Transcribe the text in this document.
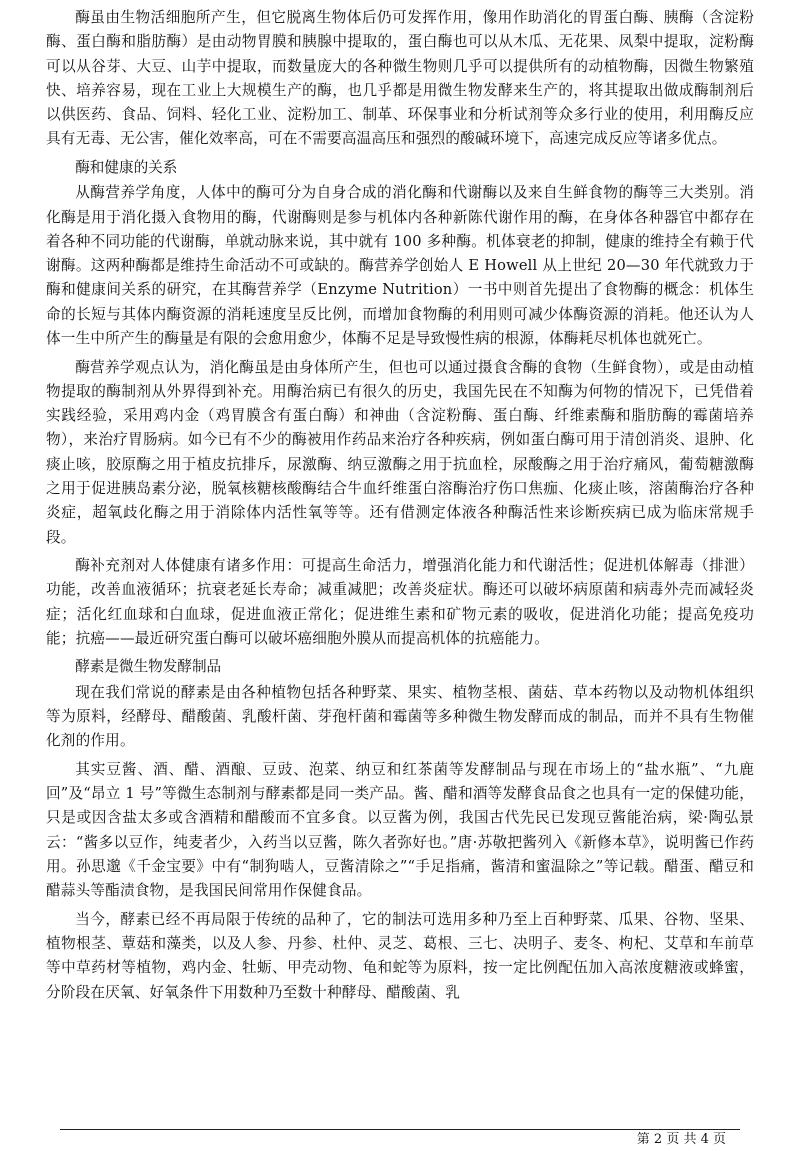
酶虽由生物活细胞所产生，但它脱离生物体后仍可发挥作用，像用作助消化的胃蛋白酶、胰酶（含淀粉酶、蛋白酶和脂肪酶）是由动物胃膜和胰腺中提取的，蛋白酶也可以从木瓜、无花果、凤梨中提取，淀粉酶可以从谷芽、大豆、山芋中提取，而数量庞大的各种微生物则几乎可以提供所有的动植物酶，因微生物繁殖快、培养容易，现在工业上大规模生产的酶，也几乎都是用微生物发酵来生产的，将其提取出做成酶制剂后以供医药、食品、饲料、轻化工业、淀粉加工、制革、环保事业和分析试剂等众多行业的使用，利用酶反应具有无毒、无公害，催化效率高，可在不需要高温高压和强烈的酸碱环境下，高速完成反应等诸多优点。

酶和健康的关系

从酶营养学角度，人体中的酶可分为自身合成的消化酶和代谢酶以及来自生鲜食物的酶等三大类别。消化酶是用于消化摄入食物用的酶，代谢酶则是参与机体内各种新陈代谢作用的酶，在身体各种器官中都存在着各种不同功能的代谢酶，单就动脉来说，其中就有 100 多种酶。机体衰老的抑制，健康的维持全有赖于代谢酶。这两种酶都是维持生命活动不可或缺的。酶营养学创始人 E Howell 从上世纪 20—30 年代就致力于酶和健康间关系的研究，在其酶营养学（Enzyme Nutrition）一书中则首先提出了食物酶的概念：机体生命的长短与其体内酶资源的消耗速度呈反比例，而增加食物酶的利用则可减少体酶资源的消耗。他还认为人体一生中所产生的酶量是有限的会愈用愈少，体酶不足是导致慢性病的根源，体酶耗尽机体也就死亡。

酶营养学观点认为，消化酶虽是由身体所产生，但也可以通过摄食含酶的食物（生鲜食物），或是由动植物提取的酶制剂从外界得到补充。用酶治病已有很久的历史，我国先民在不知酶为何物的情况下，已凭借着实践经验，采用鸡内金（鸡胃膜含有蛋白酶）和神曲（含淀粉酶、蛋白酶、纤维素酶和脂肪酶的霉菌培养物），来治疗胃肠病。如今已有不少的酶被用作药品来治疗各种疾病，例如蛋白酶可用于清创消炎、退肿、化痰止咳，胶原酶之用于植皮抗排斥，尿激酶、纳豆激酶之用于抗血栓，尿酸酶之用于治疗痛风，葡萄糖激酶之用于促进胰岛素分泌，脱氧核糖核酸酶结合牛血纤维蛋白溶酶治疗伤口焦痂、化痰止咳，溶菌酶治疗各种炎症，超氧歧化酶之用于消除体内活性氧等等。还有借测定体液各种酶活性来诊断疾病已成为临床常规手段。

酶补充剂对人体健康有诸多作用：可提高生命活力，增强消化能力和代谢活性；促进机体解毒（排泄）功能，改善血液循环；抗衰老延长寿命；减重减肥；改善炎症状。酶还可以破坏病原菌和病毒外壳而减轻炎症；活化红血球和白血球，促进血液正常化；促进维生素和矿物元素的吸收，促进消化功能；提高免疫功能；抗癌——最近研究蛋白酶可以破坏癌细胞外膜从而提高机体的抗癌能力。

酵素是微生物发酵制品

现在我们常说的酵素是由各种植物包括各种野菜、果实、植物茎根、菌菇、草本药物以及动物机体组织等为原料，经酵母、醋酸菌、乳酸杆菌、芽孢杆菌和霉菌等多种微生物发酵而成的制品，而并不具有生物催化剂的作用。

其实豆酱、酒、醋、酒酿、豆豉、泡菜、纳豆和红茶菌等发酵制品与现在市场上的“盐水瓶”、“九鹿回”及“昂立 1 号”等微生态制剂与酵素都是同一类产品。酱、醋和酒等发酵食品食之也具有一定的保健功能，只是或因含盐太多或含酒精和醋酸而不宜多食。以豆酱为例，我国古代先民已发现豆酱能治病，梁·陶弘景云：“酱多以豆作，纯麦者少，入药当以豆酱，陈久者弥好也。”唐·苏敬把酱列入《新修本草》，说明酱已作药用。孙思邈《千金宝要》中有“制狗啮人，豆酱清除之”“手足指痛，酱清和蜜温除之”等记载。醋蛋、醋豆和醋蒜头等酯渍食物，是我国民间常用作保健食品。

当今，酵素已经不再局限于传统的品种了，它的制法可选用多种乃至上百种野菜、瓜果、谷物、坚果、植物根茎、蕈菇和藻类，以及人参、丹参、杜仲、灵芝、葛根、三七、决明子、麦冬、枸杞、艾草和车前草等中草药材等植物，鸡内金、牡蛎、甲壳动物、龟和蛇等为原料，按一定比例配伍加入高浓度糖液或蜂蜜，分阶段在厌氧、好氧条件下用数种乃至数十种酵母、醋酸菌、乳

第 2 页 共 4 页
